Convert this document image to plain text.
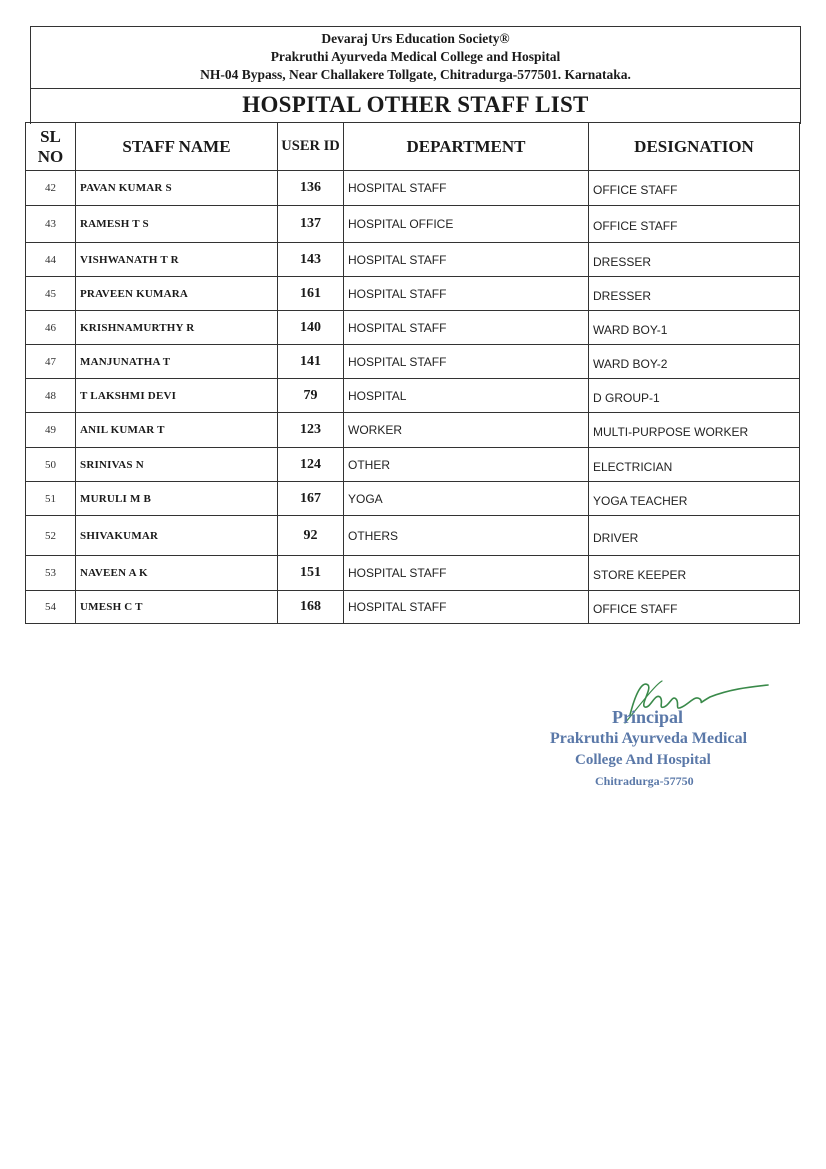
Devaraj Urs Education Society®
Prakruthi Ayurveda Medical College and Hospital
NH-04 Bypass, Near Challakere Tollgate, Chitradurga-577501. Karnataka.
HOSPITAL OTHER STAFF LIST
SL
NO	STAFF NAME	USER ID	DEPARTMENT	DESIGNATION
42	PAVAN KUMAR S	136	HOSPITAL STAFF	OFFICE STAFF
43	RAMESH T S	137	HOSPITAL OFFICE	OFFICE STAFF
44	VISHWANATH T R	143	HOSPITAL STAFF	DRESSER
45	PRAVEEN KUMARA	161	HOSPITAL STAFF	DRESSER
46	KRISHNAMURTHY R	140	HOSPITAL STAFF	WARD BOY-1
47	MANJUNATHA T	141	HOSPITAL STAFF	WARD BOY-2
48	T LAKSHMI DEVI	79	HOSPITAL	D GROUP-1
49	ANIL KUMAR T	123	WORKER	MULTI-PURPOSE WORKER
50	SRINIVAS N	124	OTHER	ELECTRICIAN
51	MURULI M B	167	YOGA	YOGA TEACHER
52	SHIVAKUMAR	92	OTHERS	DRIVER
53	NAVEEN A K	151	HOSPITAL STAFF	STORE KEEPER
54	UMESH C T	168	HOSPITAL STAFF	OFFICE STAFF
Principal
Prakruthi Ayurveda Medical
College And Hospital
Chitradurga-57750
